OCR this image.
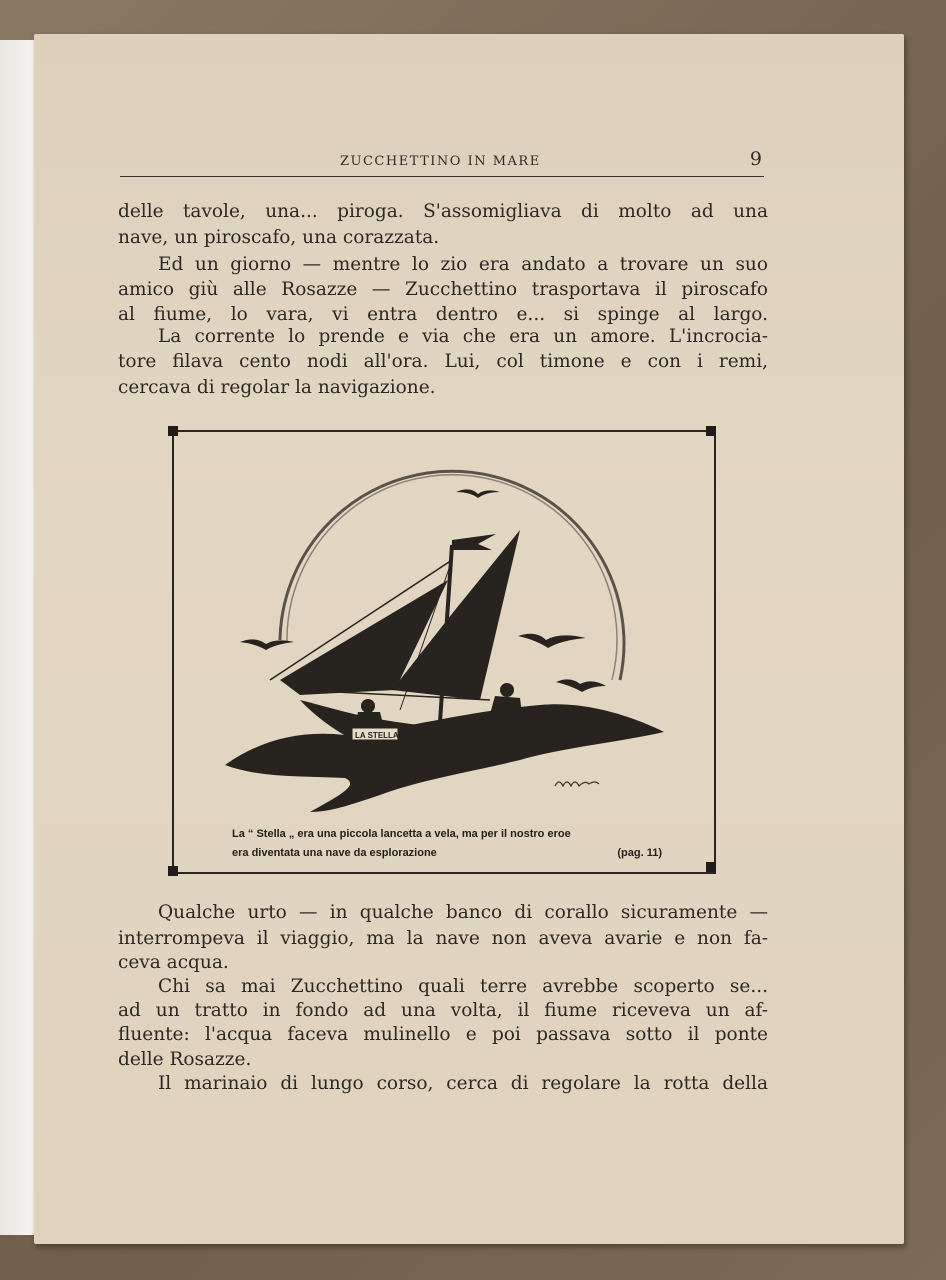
ZUCCHETTINO IN MARE	9
delle tavole, una... piroga. S'assomigliava di molto ad una
nave, un piroscafo, una corazzata.
Ed un giorno — mentre lo zio era andato a trovare un suo
amico giù alle Rosazze — Zucchettino trasportava il piroscafo
al fiume, lo vara, vi entra dentro e... si spinge al largo.
La corrente lo prende e via che era un amore. L'incrocia-
tore filava cento nodi all'ora. Lui, col timone e con i remi,
cercava di regolar la navigazione.
LA STELLA
La “ Stella „ era una piccola lancetta a vela, ma per il nostro eroe
era diventata una nave da esplorazione	(pag. 11)
Qualche urto — in qualche banco di corallo sicuramente —
interrompeva il viaggio, ma la nave non aveva avarie e non fa-
ceva acqua.
Chi sa mai Zucchettino quali terre avrebbe scoperto se...
ad un tratto in fondo ad una volta, il fiume riceveva un af-
fluente: l'acqua faceva mulinello e poi passava sotto il ponte
delle Rosazze.
Il marinaio di lungo corso, cerca di regolare la rotta della
